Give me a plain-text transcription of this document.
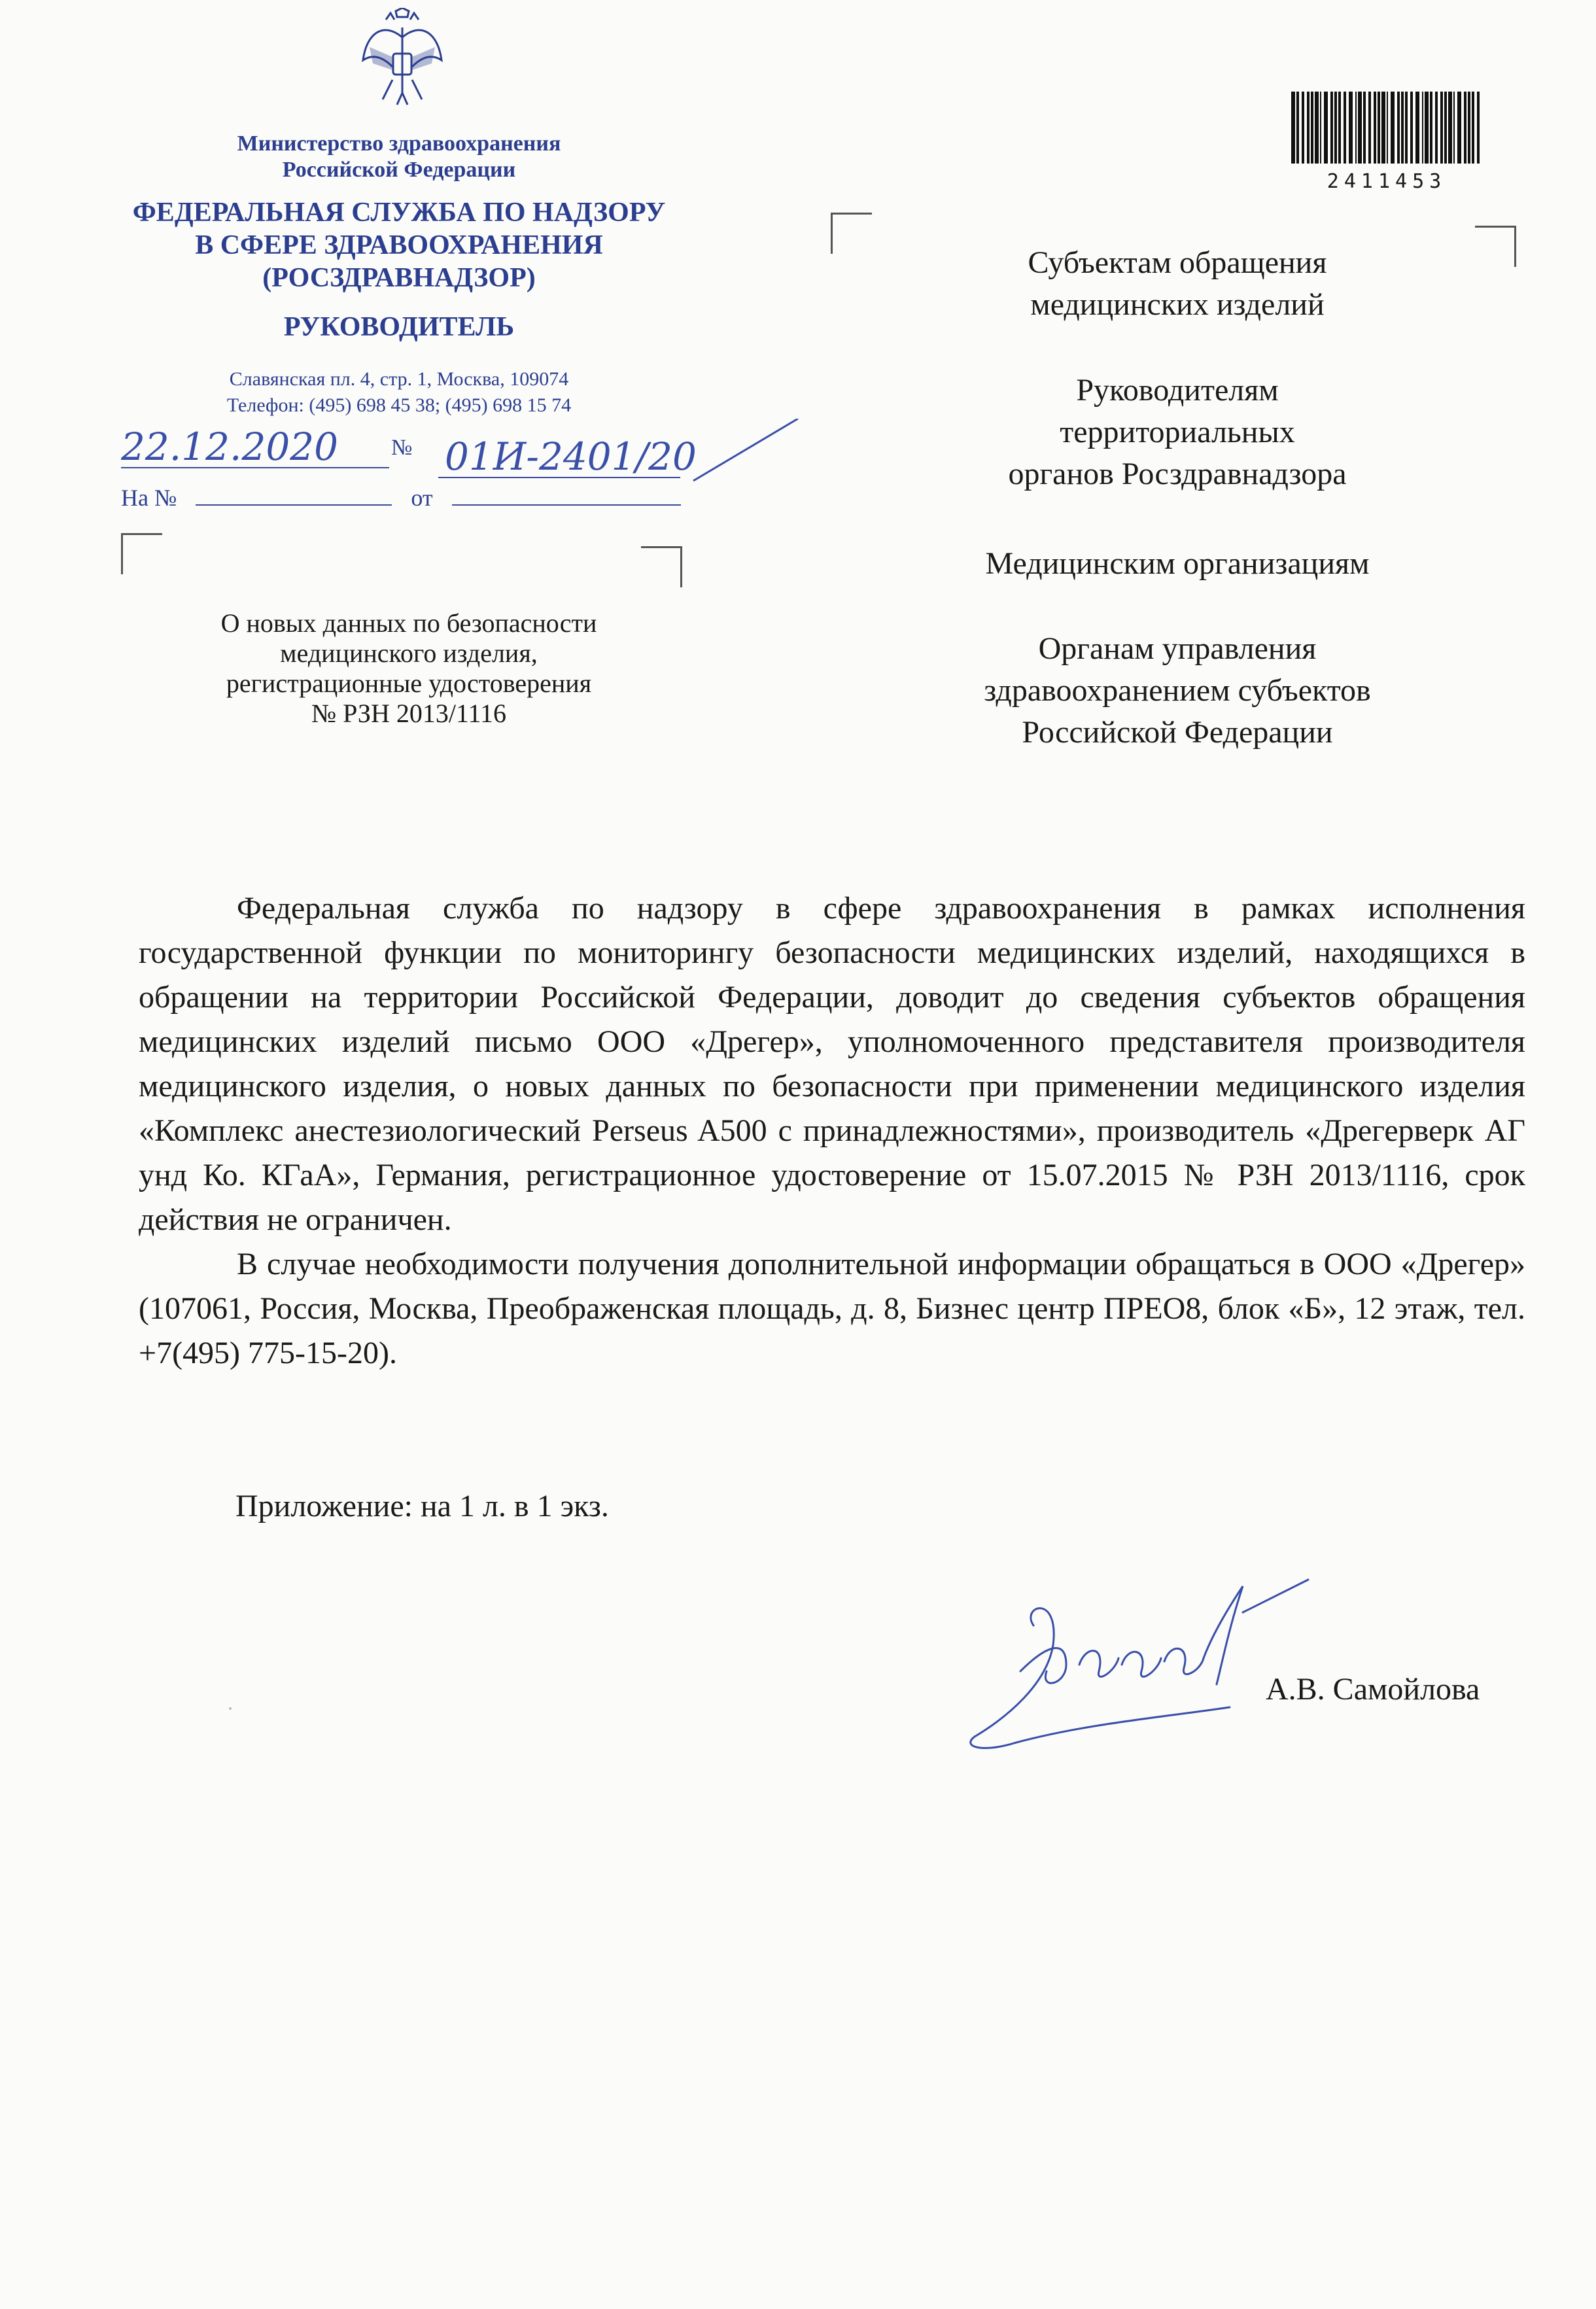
Министерство здравоохранения
Российской Федерации
ФЕДЕРАЛЬНАЯ СЛУЖБА ПО НАДЗОРУ
В СФЕРЕ ЗДРАВООХРАНЕНИЯ
(РОСЗДРАВНАДЗОР)
РУКОВОДИТЕЛЬ
Славянская пл. 4, стр. 1, Москва, 109074
Телефон: (495) 698 45 38; (495) 698 15 74
22.12.2020 № 01И-2401/20
На №	от
О новых данных по безопасности
медицинского изделия,
регистрационные удостоверения
№ РЗН 2013/1116
2411453
Субъектам обращения
медицинских изделий
Руководителям
территориальных
органов Росздравнадзора
Медицинским организациям
Органам управления
здравоохранением субъектов
Российской Федерации

Федеральная служба по надзору в сфере здравоохранения в рамках исполнения государственной функции по мониторингу безопасности медицинских изделий, находящихся в обращении на территории Российской Федерации, доводит до сведения субъектов обращения медицинских изделий письмо ООО «Дрегер», уполномоченного представителя производителя медицинского изделия, о новых данных по безопасности при применении медицинского изделия «Комплекс анестезиологический Perseus A500 с принадлежностями», производитель «Дрегерверк АГ унд Ко. КГаА», Германия, регистрационное удостоверение от 15.07.2015 № РЗН 2013/1116, срок действия не ограничен.

В случае необходимости получения дополнительной информации обращаться в ООО «Дрегер» (107061, Россия, Москва, Преображенская площадь, д. 8, Бизнес центр ПРЕО8, блок «Б», 12 этаж, тел. +7(495) 775-15-20).

Приложение: на 1 л. в 1 экз.
А.В. Самойлова
